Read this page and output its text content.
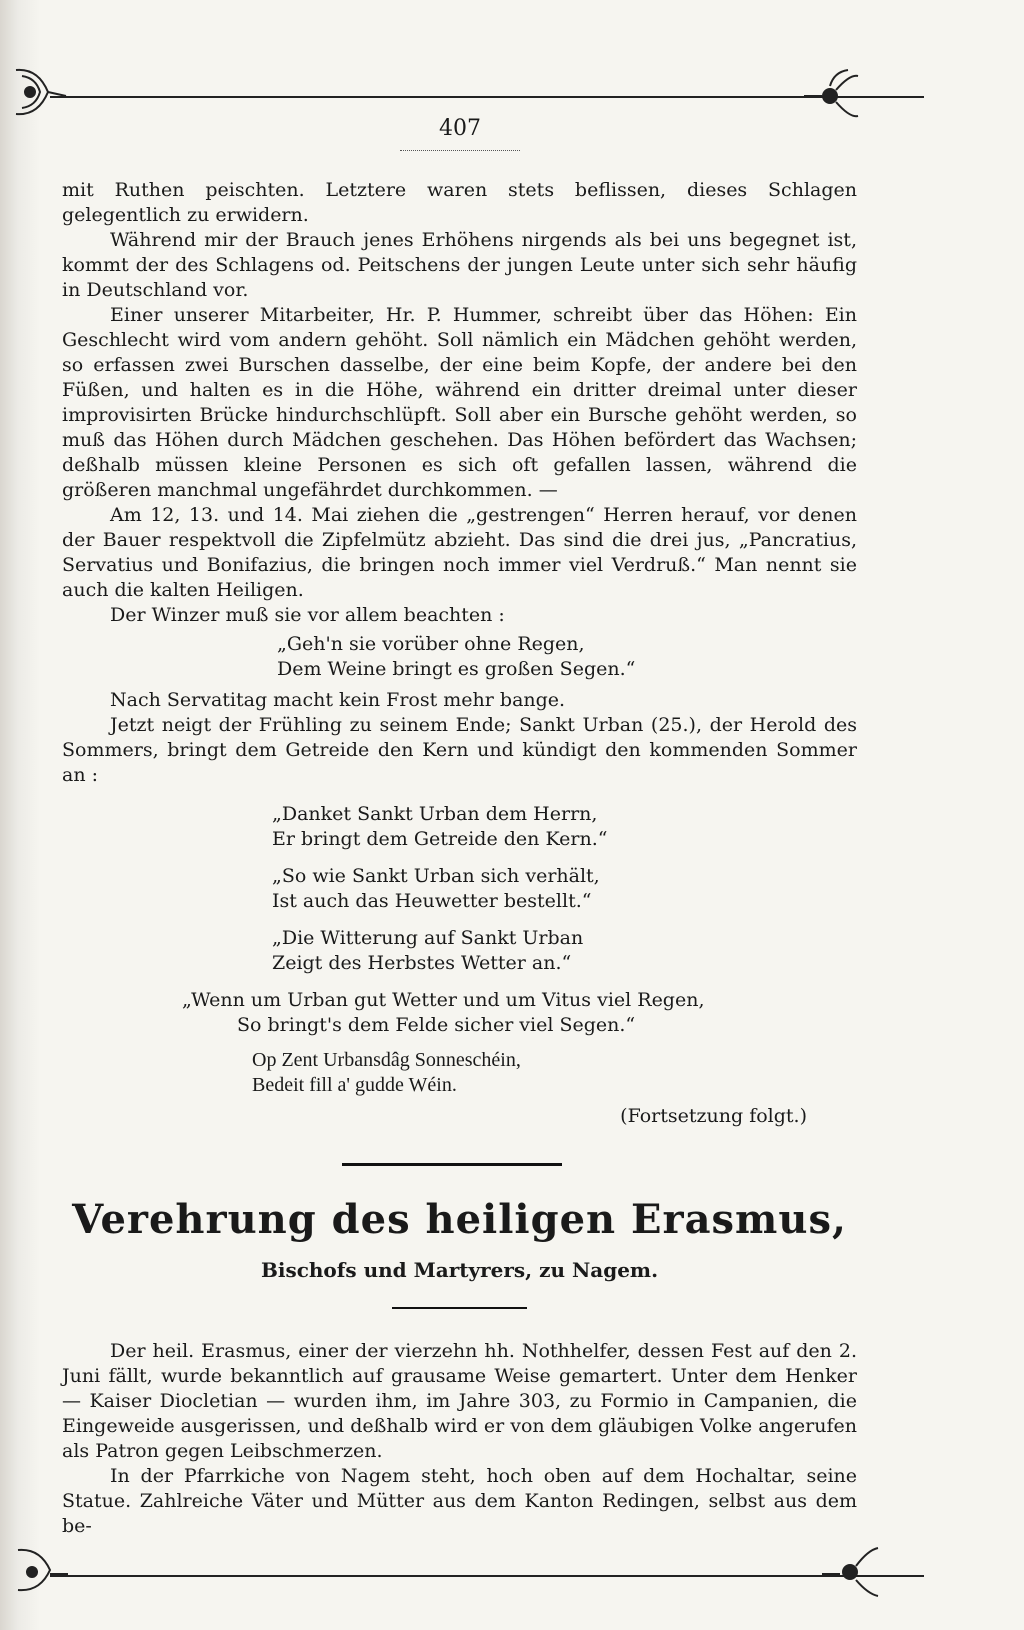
407

mit Ruthen peischten. Letztere waren stets beflissen, dieses Schlagen gelegentlich zu erwidern.

Während mir der Brauch jenes Erhöhens nirgends als bei uns begegnet ist, kommt der des Schlagens od. Peitschens der jungen Leute unter sich sehr häufig in Deutschland vor.

Einer unserer Mitarbeiter, Hr. P. Hummer, schreibt über das Höhen: Ein Geschlecht wird vom andern gehöht. Soll nämlich ein Mädchen gehöht werden, so erfassen zwei Burschen dasselbe, der eine beim Kopfe, der andere bei den Füßen, und halten es in die Höhe, während ein dritter dreimal unter dieser improvisirten Brücke hindurchschlüpft. Soll aber ein Bursche gehöht werden, so muß das Höhen durch Mädchen geschehen. Das Höhen befördert das Wachsen; deßhalb müssen kleine Personen es sich oft gefallen lassen, während die größeren manchmal ungefährdet durchkommen. —

Am 12, 13. und 14. Mai ziehen die „gestrengen“ Herren herauf, vor denen der Bauer respektvoll die Zipfelmütz abzieht. Das sind die drei jus, „Pancratius, Servatius und Bonifazius, die bringen noch immer viel Verdruß.“ Man nennt sie auch die kalten Heiligen.

Der Winzer muß sie vor allem beachten :

„Geh'n sie vorüber ohne Regen,
Dem Weine bringt es großen Segen.“

Nach Servatitag macht kein Frost mehr bange.

Jetzt neigt der Frühling zu seinem Ende; Sankt Urban (25.), der Herold des Sommers, bringt dem Getreide den Kern und kündigt den kommenden Sommer an :

„Danket Sankt Urban dem Herrn,
Er bringt dem Getreide den Kern.“
„So wie Sankt Urban sich verhält,
Ist auch das Heuwetter bestellt.“
„Die Witterung auf Sankt Urban
Zeigt des Herbstes Wetter an.“
„Wenn um Urban gut Wetter und um Vitus viel Regen,
So bringt's dem Felde sicher viel Segen.“
Op Zent Urbansdâg Sonneschéin,
Bedeit fill a' gudde Wéin.

(Fortsetzung folgt.)

Verehrung des heiligen Erasmus,
Bischofs und Martyrers, zu Nagem.

Der heil. Erasmus, einer der vierzehn hh. Nothhelfer, dessen Fest auf den 2. Juni fällt, wurde bekanntlich auf grausame Weise gemartert. Unter dem Henker — Kaiser Diocletian — wurden ihm, im Jahre 303, zu Formio in Campanien, die Eingeweide ausgerissen, und deßhalb wird er von dem gläubigen Volke angerufen als Patron gegen Leibschmerzen.

In der Pfarrkiche von Nagem steht, hoch oben auf dem Hochaltar, seine Statue. Zahlreiche Väter und Mütter aus dem Kanton Redingen, selbst aus dem be-
